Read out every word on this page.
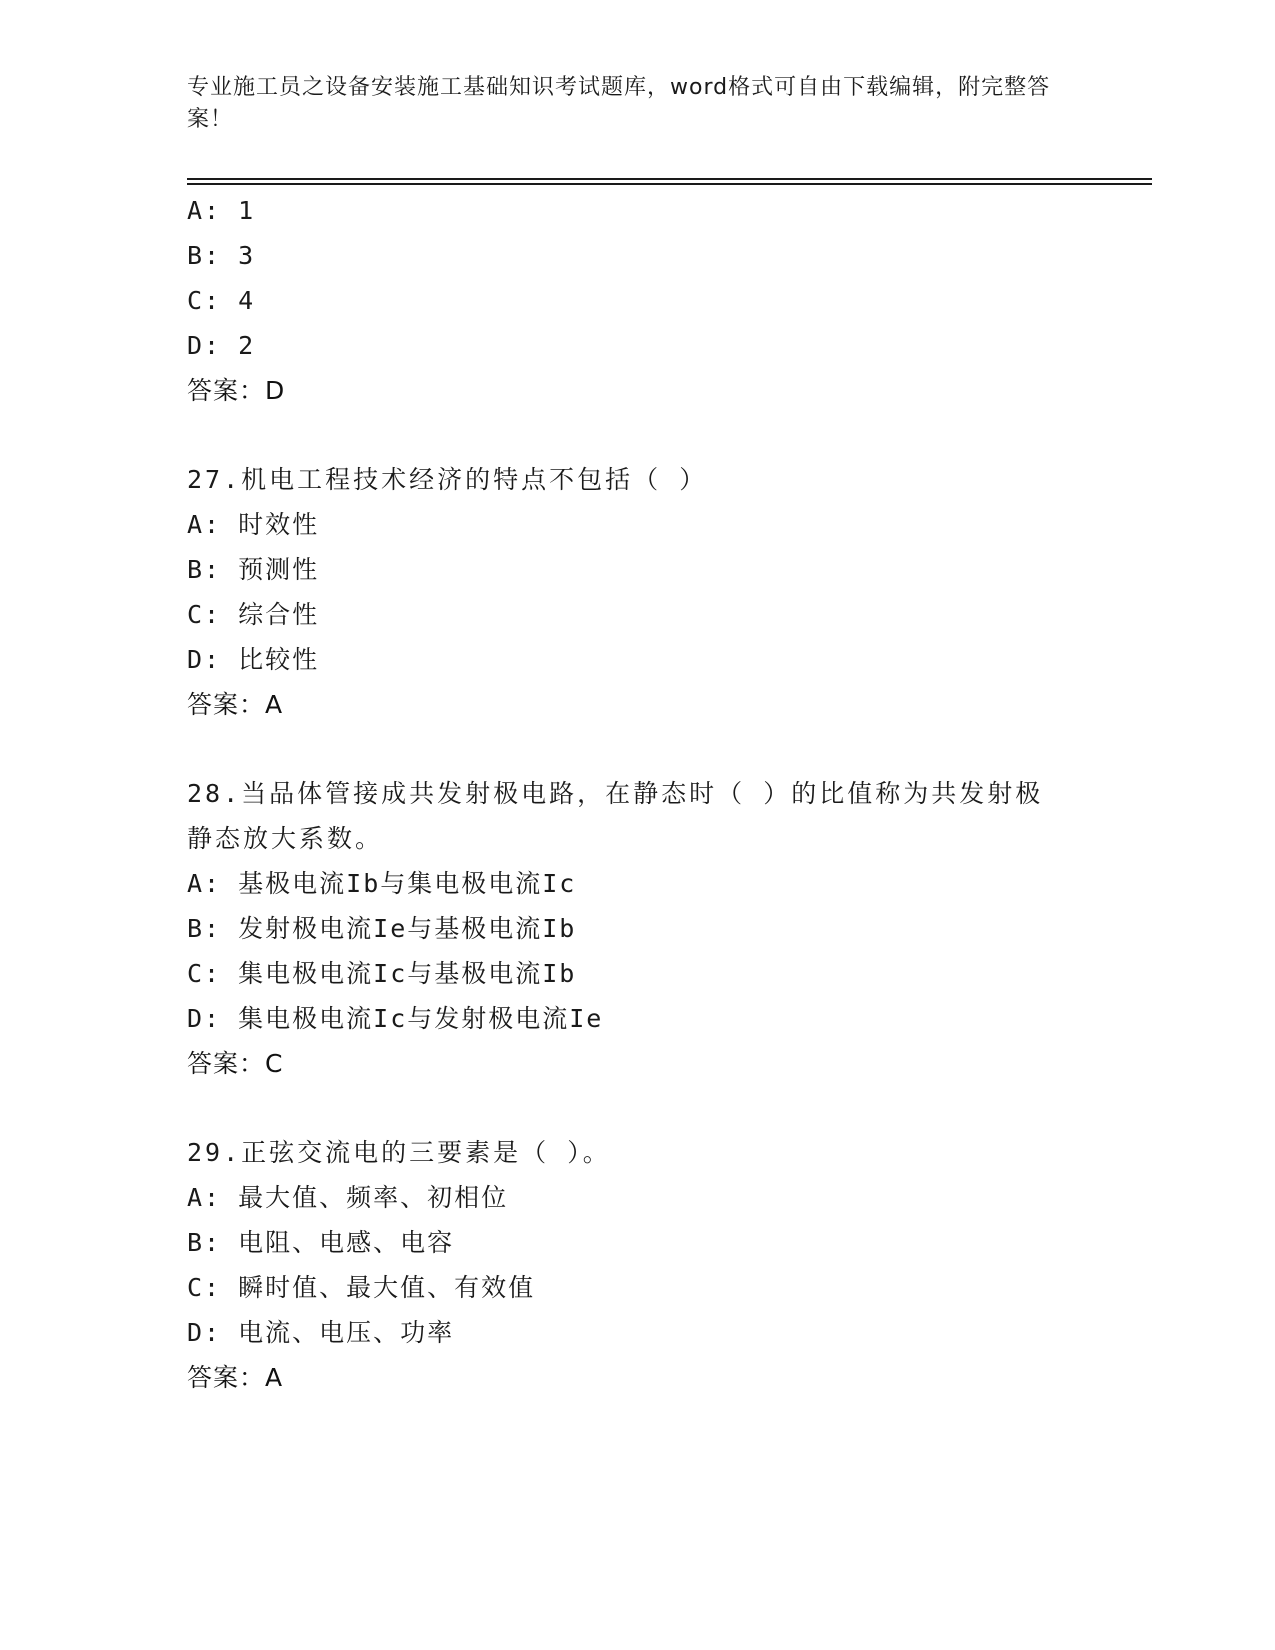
专业施工员之设备安装施工基础知识考试题库，word格式可自由下载编辑，附完整答案！
A: 1
B: 3
C: 4
D: 2
答案：D
27.机电工程技术经济的特点不包括（ ）
A: 时效性
B: 预测性
C: 综合性
D: 比较性
答案：A
28.当品体管接成共发射极电路，在静态时（ ）的比值称为共发射极静态放大系数。
A: 基极电流Ib与集电极电流Ic
B: 发射极电流Ie与基极电流Ib
C: 集电极电流Ic与基极电流Ib
D: 集电极电流Ic与发射极电流Ie
答案：C
29.正弦交流电的三要素是（ ）。
A: 最大值、频率、初相位
B: 电阻、电感、电容
C: 瞬时值、最大值、有效值
D: 电流、电压、功率
答案：A
